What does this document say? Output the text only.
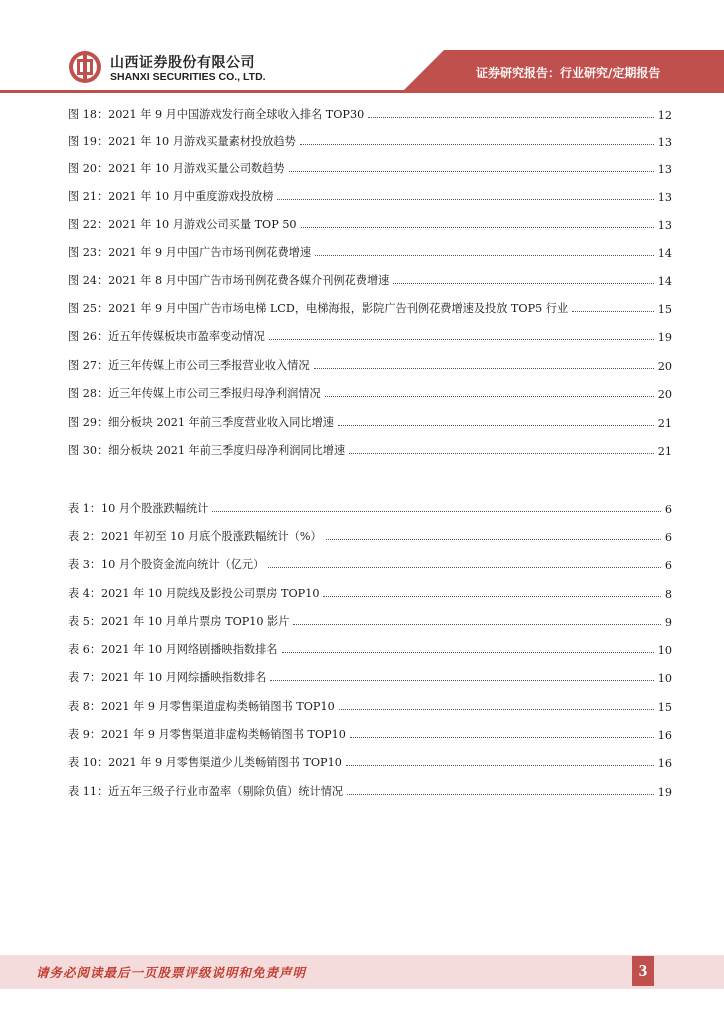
山西证券股份有限公司
SHANXI SECURITIES CO., LTD.	证券研究报告：行业研究/定期报告
图 18：2021 年 9 月中国游戏发行商全球收入排名 TOP30	12
图 19：2021 年 10 月游戏买量素材投放趋势	13
图 20：2021 年 10 月游戏买量公司数趋势	13
图 21：2021 年 10 月中重度游戏投放榜	13
图 22：2021 年 10 月游戏公司买量 TOP 50	13
图 23：2021 年 9 月中国广告市场刊例花费增速	14
图 24：2021 年 8 月中国广告市场刊例花费各媒介刊例花费增速	14
图 25：2021 年 9 月中国广告市场电梯 LCD，电梯海报，影院广告刊例花费增速及投放 TOP5 行业	15
图 26：近五年传媒板块市盈率变动情况	19
图 27：近三年传媒上市公司三季报营业收入情况	20
图 28：近三年传媒上市公司三季报归母净利润情况	20
图 29：细分板块 2021 年前三季度营业收入同比增速	21
图 30：细分板块 2021 年前三季度归母净利润同比增速	21
表 1：10 月个股涨跌幅统计	6
表 2：2021 年初至 10 月底个股涨跌幅统计（%）	6
表 3：10 月个股资金流向统计（亿元）	6
表 4：2021 年 10 月院线及影投公司票房 TOP10	8
表 5：2021 年 10 月单片票房 TOP10 影片	9
表 6：2021 年 10 月网络剧播映指数排名	10
表 7：2021 年 10 月网综播映指数排名	10
表 8：2021 年 9 月零售渠道虚构类畅销图书 TOP10	15
表 9：2021 年 9 月零售渠道非虚构类畅销图书 TOP10	16
表 10：2021 年 9 月零售渠道少儿类畅销图书 TOP10	16
表 11：近五年三级子行业市盈率（剔除负值）统计情况	19
请务必阅读最后一页股票评级说明和免责声明	3
